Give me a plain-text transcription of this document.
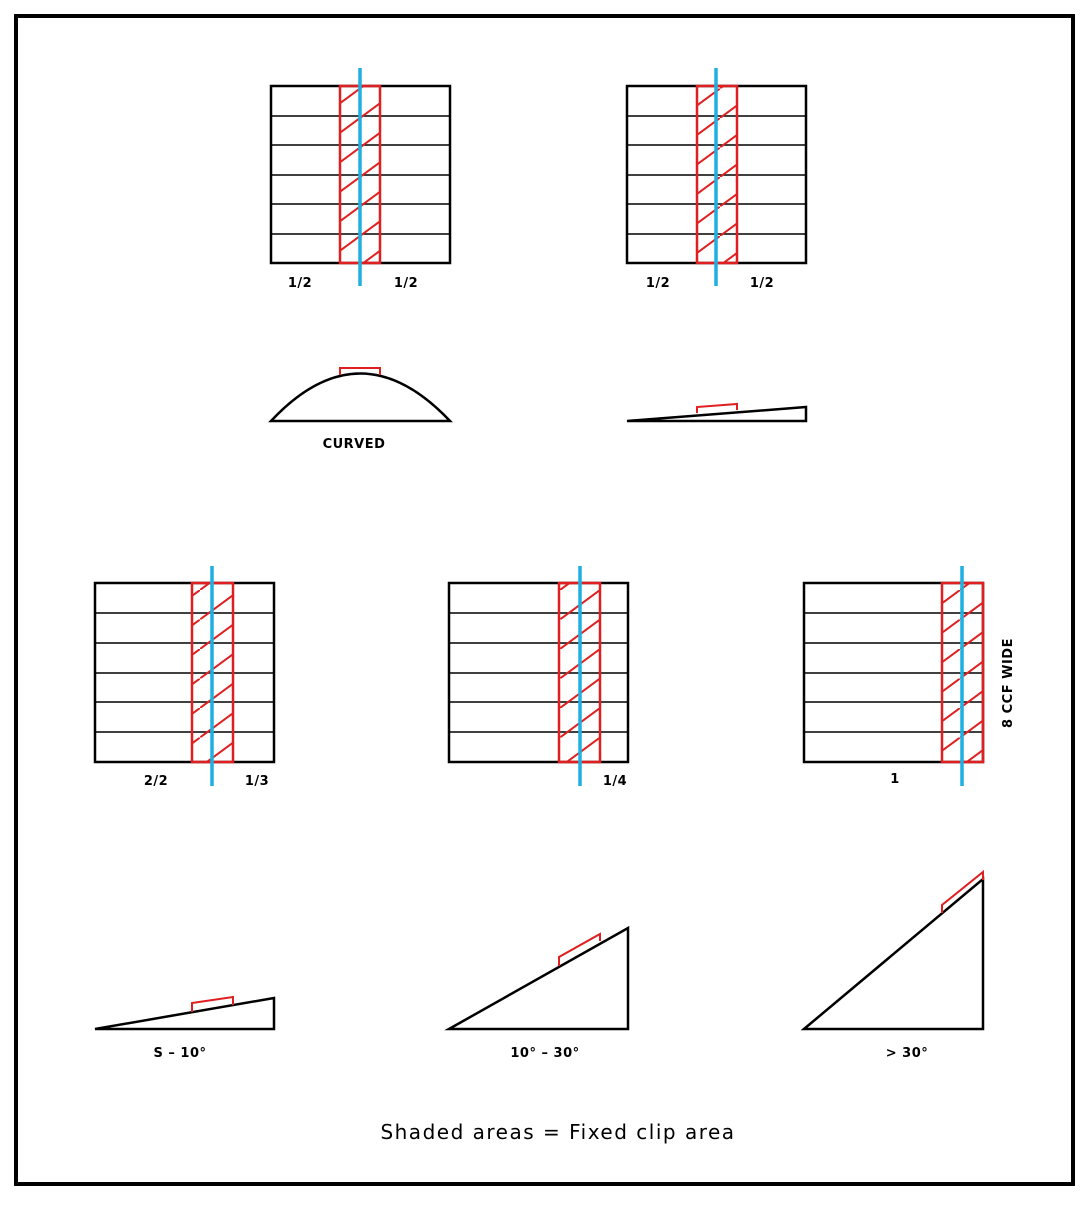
1/2	1/2	1/2	1/2
CURVED
2/2	1/3	1/4	1
8 CCF WIDE
S – 10°	10° – 30°	> 30°
Shaded areas = Fixed clip area
